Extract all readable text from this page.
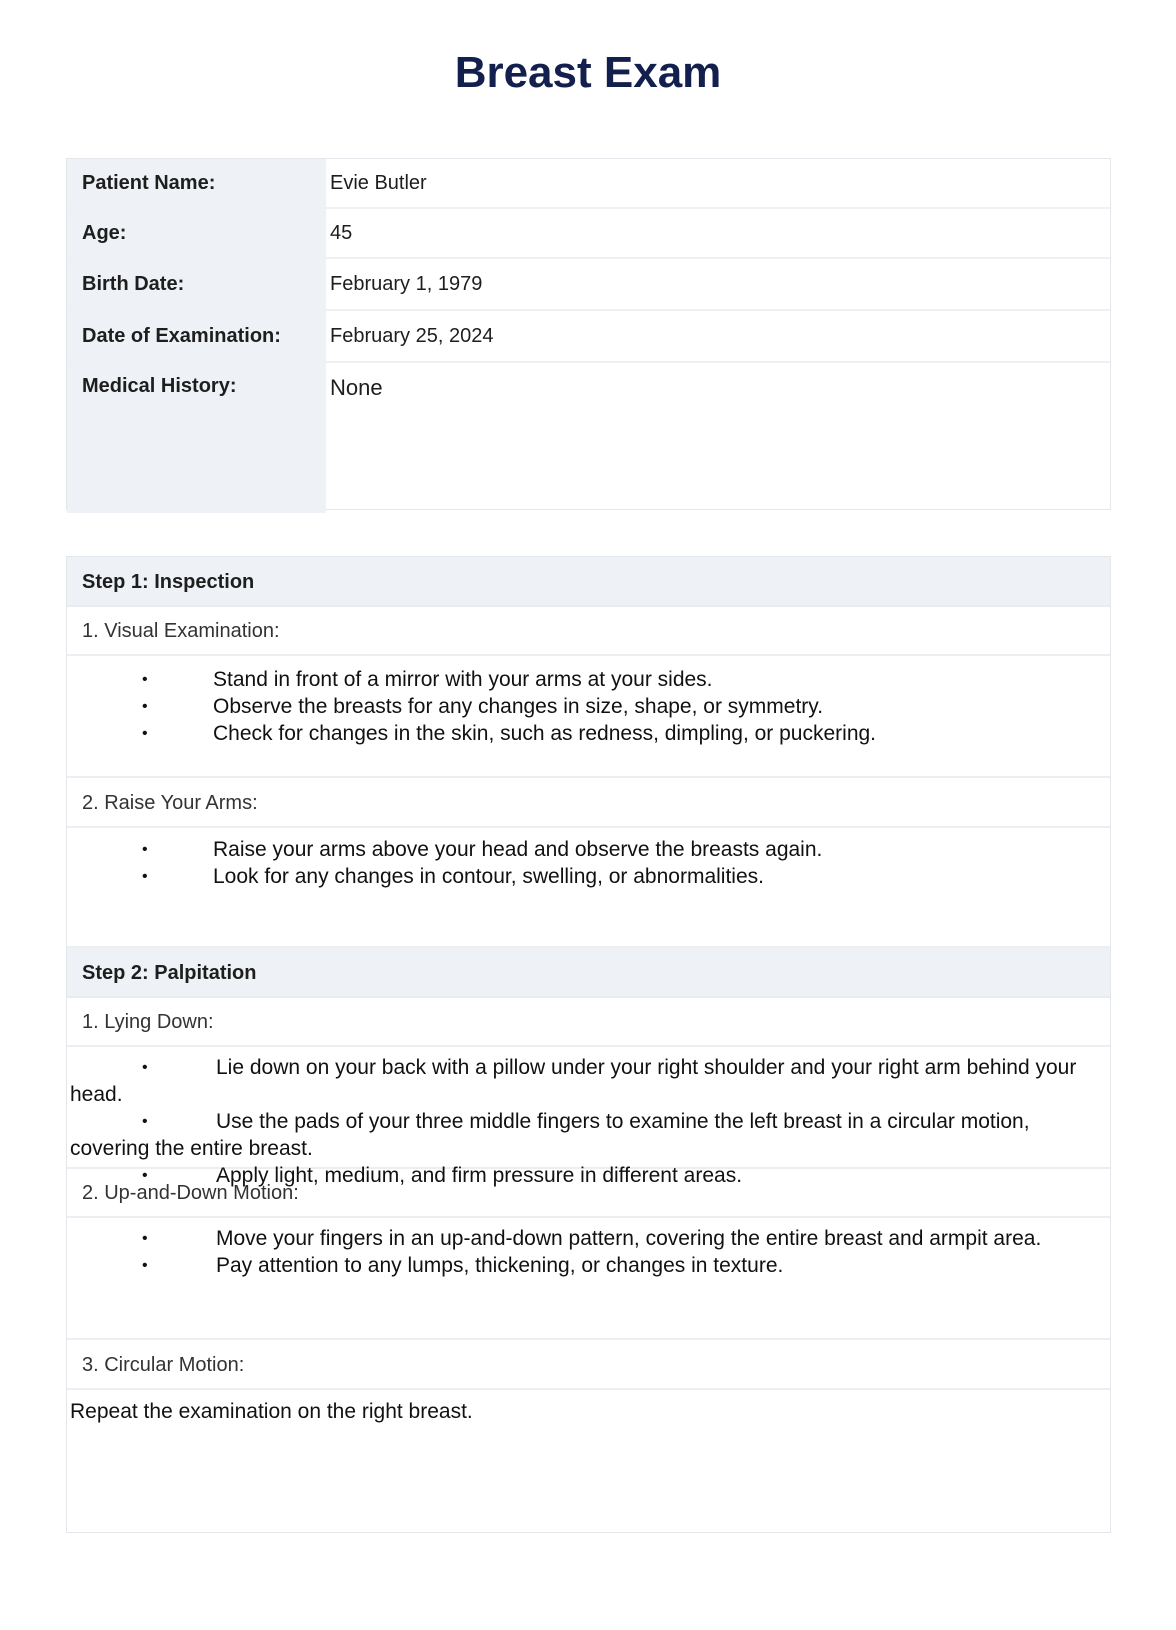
Breast Exam
Patient Name:	Evie Butler
Age:	45
Birth Date:	February 1, 1979
Date of Examination:	February 25, 2024
Medical History:	None
Step 1: Inspection
1. Visual Examination:
• Stand in front of a mirror with your arms at your sides.
• Observe the breasts for any changes in size, shape, or symmetry.
• Check for changes in the skin, such as redness, dimpling, or puckering.
2. Raise Your Arms:
• Raise your arms above your head and observe the breasts again.
• Look for any changes in contour, swelling, or abnormalities.
Step 2: Palpitation
1. Lying Down:
• Lie down on your back with a pillow under your right shoulder and your right arm behind your head.
• Use the pads of your three middle fingers to examine the left breast in a circular motion, covering the entire breast.
• Apply light, medium, and firm pressure in different areas.
2. Up-and-Down Motion:
• Move your fingers in an up-and-down pattern, covering the entire breast and armpit area.
• Pay attention to any lumps, thickening, or changes in texture.
3. Circular Motion:
Repeat the examination on the right breast.
